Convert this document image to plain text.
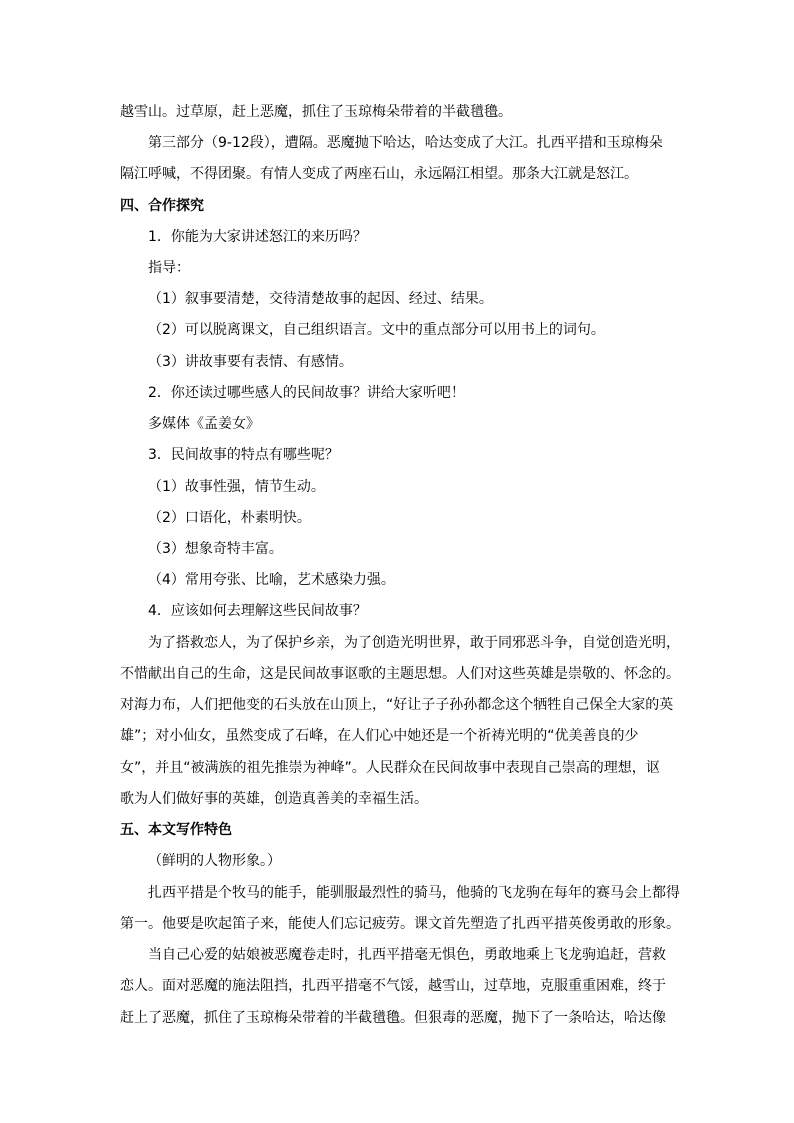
越雪山。过草原，赶上恶魔，抓住了玉琼梅朵带着的半截氆氇。
第三部分（9-12段），遭隔。恶魔抛下哈达，哈达变成了大江。扎西平措和玉琼梅朵
隔江呼喊，不得团聚。有情人变成了两座石山，永远隔江相望。那条大江就是怒江。
四、合作探究
1．你能为大家讲述怒江的来历吗？
指导：
（1）叙事要清楚，交待清楚故事的起因、经过、结果。
（2）可以脱离课文，自己组织语言。文中的重点部分可以用书上的词句。
（3）讲故事要有表情、有感情。
2．你还读过哪些感人的民间故事？讲给大家听吧！
多媒体《孟姜女》
3．民间故事的特点有哪些呢？
（1）故事性强，情节生动。
（2）口语化，朴素明快。
（3）想象奇特丰富。
（4）常用夸张、比喻，艺术感染力强。
4．应该如何去理解这些民间故事？
为了搭救恋人，为了保护乡亲，为了创造光明世界，敢于同邪恶斗争，自觉创造光明，
不惜献出自己的生命，这是民间故事讴歌的主题思想。人们对这些英雄是崇敬的、怀念的。
对海力布，人们把他变的石头放在山顶上，“好让子子孙孙都念这个牺牲自己保全大家的英
雄”；对小仙女，虽然变成了石峰，在人们心中她还是一个祈祷光明的“优美善良的少
女”，并且“被满族的祖先推崇为神峰”。人民群众在民间故事中表现自己崇高的理想，讴
歌为人们做好事的英雄，创造真善美的幸福生活。
五、本文写作特色
（鲜明的人物形象。）
扎西平措是个牧马的能手，能驯服最烈性的骑马，他骑的飞龙驹在每年的赛马会上都得
第一。他要是吹起笛子来，能使人们忘记疲劳。课文首先塑造了扎西平措英俊勇敢的形象。
当自己心爱的姑娘被恶魔卷走时，扎西平措毫无惧色，勇敢地乘上飞龙驹追赶，营救
恋人。面对恶魔的施法阻挡，扎西平措毫不气馁，越雪山，过草地，克服重重困难，终于
赶上了恶魔，抓住了玉琼梅朵带着的半截氆氇。但狠毒的恶魔，抛下了一条哈达，哈达像
